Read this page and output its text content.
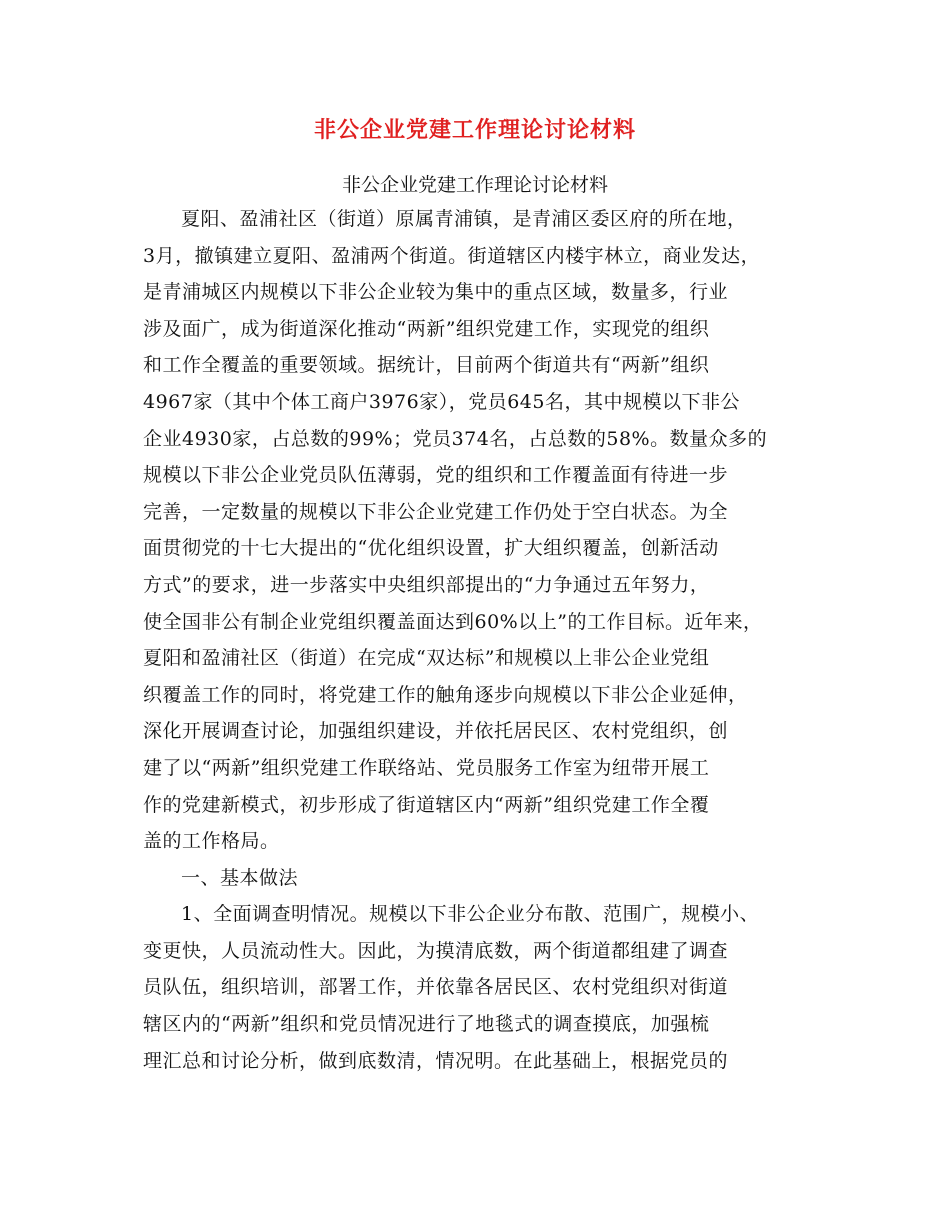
非公企业党建工作理论讨论材料
非公企业党建工作理论讨论材料
夏阳、盈浦社区（街道）原属青浦镇，是青浦区委区府的所在地，
3月，撤镇建立夏阳、盈浦两个街道。街道辖区内楼宇林立，商业发达，
是青浦城区内规模以下非公企业较为集中的重点区域，数量多，行业
涉及面广，成为街道深化推动“两新”组织党建工作，实现党的组织
和工作全覆盖的重要领域。据统计，目前两个街道共有“两新”组织
4967家（其中个体工商户3976家），党员645名，其中规模以下非公
企业4930家，占总数的99%；党员374名，占总数的58%。数量众多的
规模以下非公企业党员队伍薄弱，党的组织和工作覆盖面有待进一步
完善，一定数量的规模以下非公企业党建工作仍处于空白状态。为全
面贯彻党的十七大提出的“优化组织设置，扩大组织覆盖，创新活动
方式”的要求，进一步落实中央组织部提出的“力争通过五年努力，
使全国非公有制企业党组织覆盖面达到60%以上”的工作目标。近年来，
夏阳和盈浦社区（街道）在完成“双达标”和规模以上非公企业党组
织覆盖工作的同时，将党建工作的触角逐步向规模以下非公企业延伸，
深化开展调查讨论，加强组织建设，并依托居民区、农村党组织，创
建了以“两新”组织党建工作联络站、党员服务工作室为纽带开展工
作的党建新模式，初步形成了街道辖区内“两新”组织党建工作全覆
盖的工作格局。
一、基本做法
1、全面调查明情况。规模以下非公企业分布散、范围广，规模小、
变更快，人员流动性大。因此，为摸清底数，两个街道都组建了调查
员队伍，组织培训，部署工作，并依靠各居民区、农村党组织对街道
辖区内的“两新”组织和党员情况进行了地毯式的调查摸底，加强梳
理汇总和讨论分析，做到底数清，情况明。在此基础上，根据党员的
